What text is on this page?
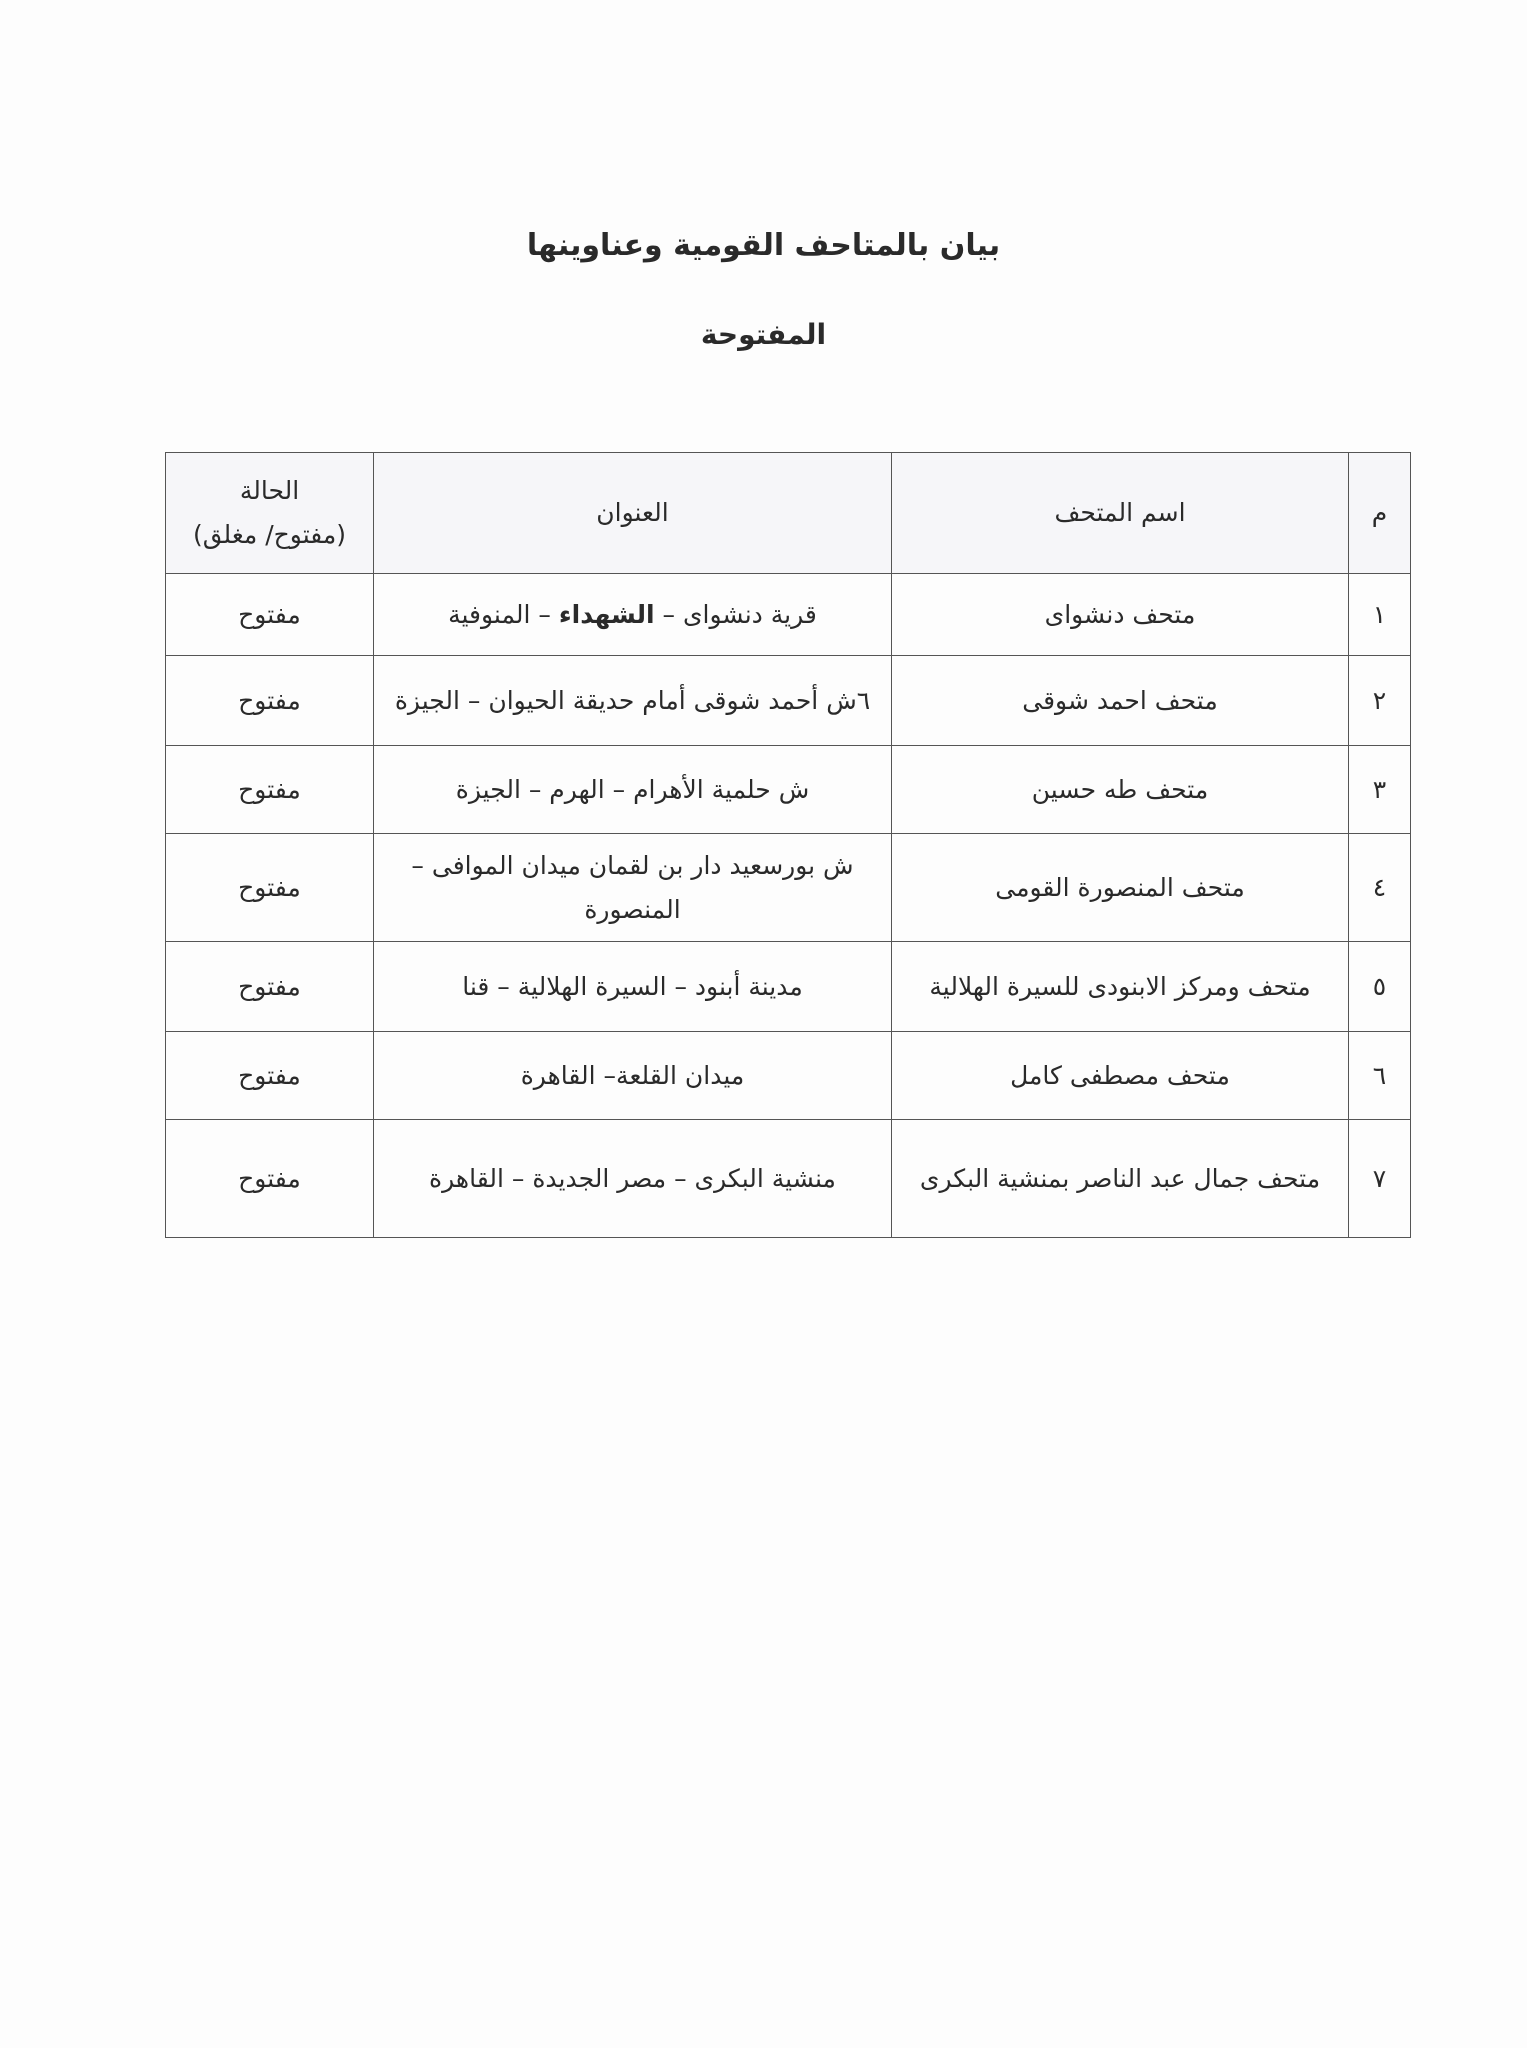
بيان بالمتاحف القومية وعناوينها
المفتوحة
م	اسم المتحف	العنوان	الحالة
(مفتوح/ مغلق)

١	متحف دنشواى	قرية دنشواى – الشهداء – المنوفية	مفتوح
٢	متحف احمد شوقى	٦ش أحمد شوقى أمام حديقة الحيوان – الجيزة	مفتوح
٣	متحف طه حسين	ش حلمية الأهرام – الهرم – الجيزة	مفتوح
٤	متحف المنصورة القومى	ش بورسعيد دار بن لقمان ميدان الموافى – المنصورة	مفتوح
٥	متحف ومركز الابنودى للسيرة الهلالية	مدينة أبنود – السيرة الهلالية – قنا	مفتوح
٦	متحف مصطفى كامل	ميدان القلعة– القاهرة	مفتوح
٧	متحف جمال عبد الناصر بمنشية البكرى	منشية البكرى – مصر الجديدة – القاهرة	مفتوح
